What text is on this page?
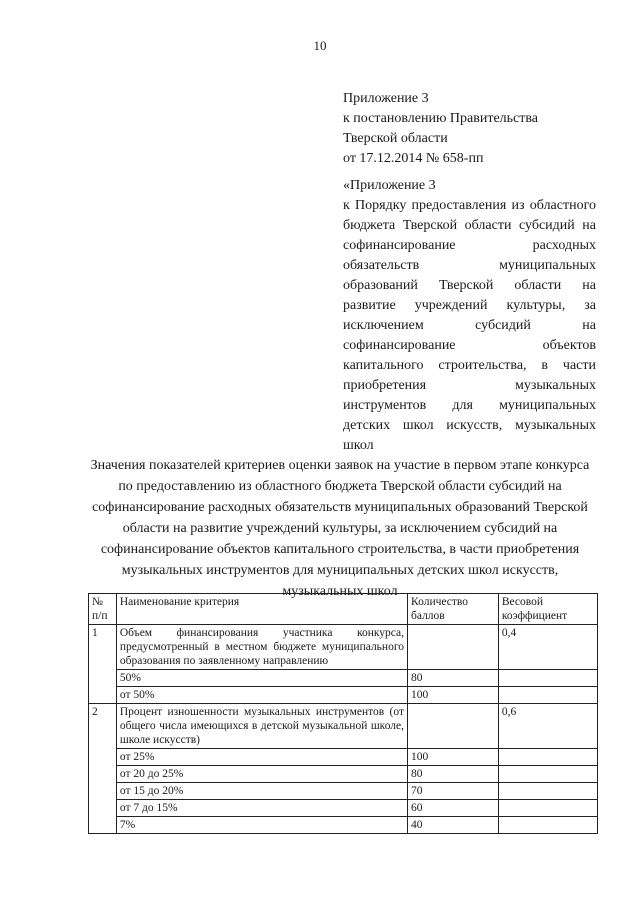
10
Приложение 3
к постановлению Правительства
Тверской области
от 17.12.2014 № 658-пп
«Приложение 3
к Порядку предоставления из областного бюджета Тверской области субсидий на софинансирование расходных обязательств муниципальных образований Тверской области на развитие учреждений культуры, за исключением субсидий на софинансирование объектов капитального строительства, в части приобретения музыкальных инструментов для муниципальных детских школ искусств, музыкальных школ
Значения показателей критериев оценки заявок на участие в первом этапе конкурса по предоставлению из областного бюджета Тверской области субсидий на софинансирование расходных обязательств муниципальных образований Тверской области на развитие учреждений культуры, за исключением субсидий на софинансирование объектов капитального строительства, в части приобретения музыкальных инструментов для муниципальных детских школ искусств, музыкальных школ
№ п/п	Наименование критерия	Количество баллов	Весовой коэффициент
1	Объем финансирования участника конкурса, предусмотренный в местном бюджете муниципального образования по заявленному направлению		0,4
	50%	80	
	от 50%	100	
2	Процент изношенности музыкальных инструментов (от общего числа имеющихся в детской музыкальной школе, школе искусств)		0,6
	от 25%	100	
	от 20 до 25%	80	
	от 15 до 20%	70	
	от 7 до 15%	60	
	7%	40	
